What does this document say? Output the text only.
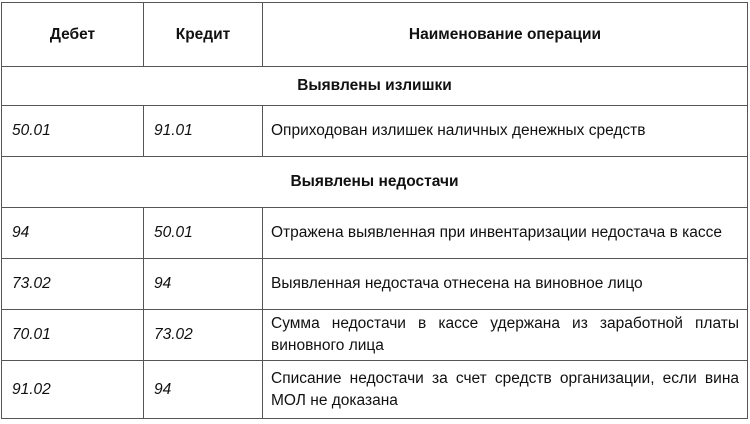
Дебет	Кредит	Наименование операции
Выявлены излишки		
50.01	91.01	Оприходован излишек наличных денежных средств
Выявлены недостачи		
94	50.01	Отражена выявленная при инвентаризации недостача в кассе
73.02	94	Выявленная недостача отнесена на виновное лицо
70.01	73.02	Сумма недостачи в кассе удержана из заработной платы виновного лица
91.02	94	Списание недостачи за счет средств организации, если вина МОЛ не доказана
